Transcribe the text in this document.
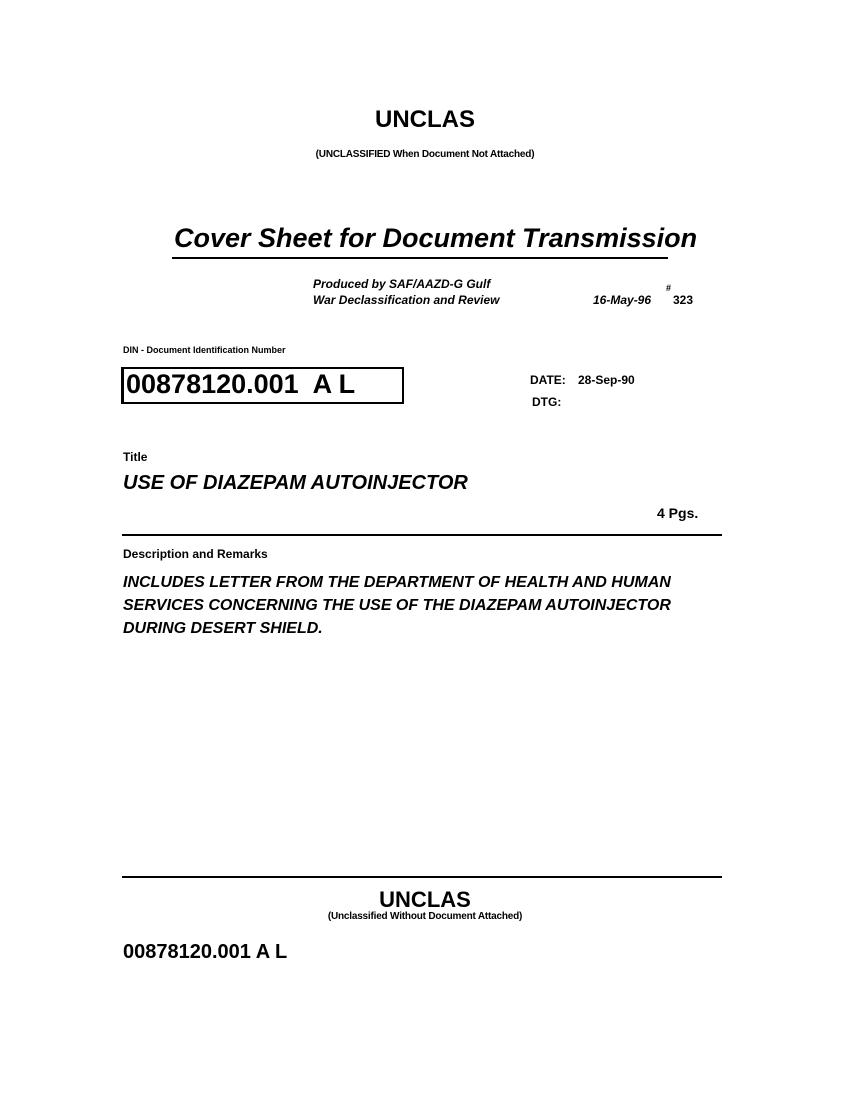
UNCLAS
(UNCLASSIFIED When Document Not Attached)
Cover Sheet for Document Transmission
Produced by SAF/AAZD-G Gulf
War Declassification and Review	16-May-96
#
323
DIN - Document Identification Number
00878120.001  A L	DATE: 28-Sep-90
DTG:
Title
USE OF DIAZEPAM AUTOINJECTOR
4 Pgs.
Description and Remarks
INCLUDES LETTER FROM THE DEPARTMENT OF HEALTH AND HUMAN
SERVICES CONCERNING THE USE OF THE DIAZEPAM AUTOINJECTOR
DURING DESERT SHIELD.
UNCLAS
(Unclassified Without Document Attached)
00878120.001 A L
